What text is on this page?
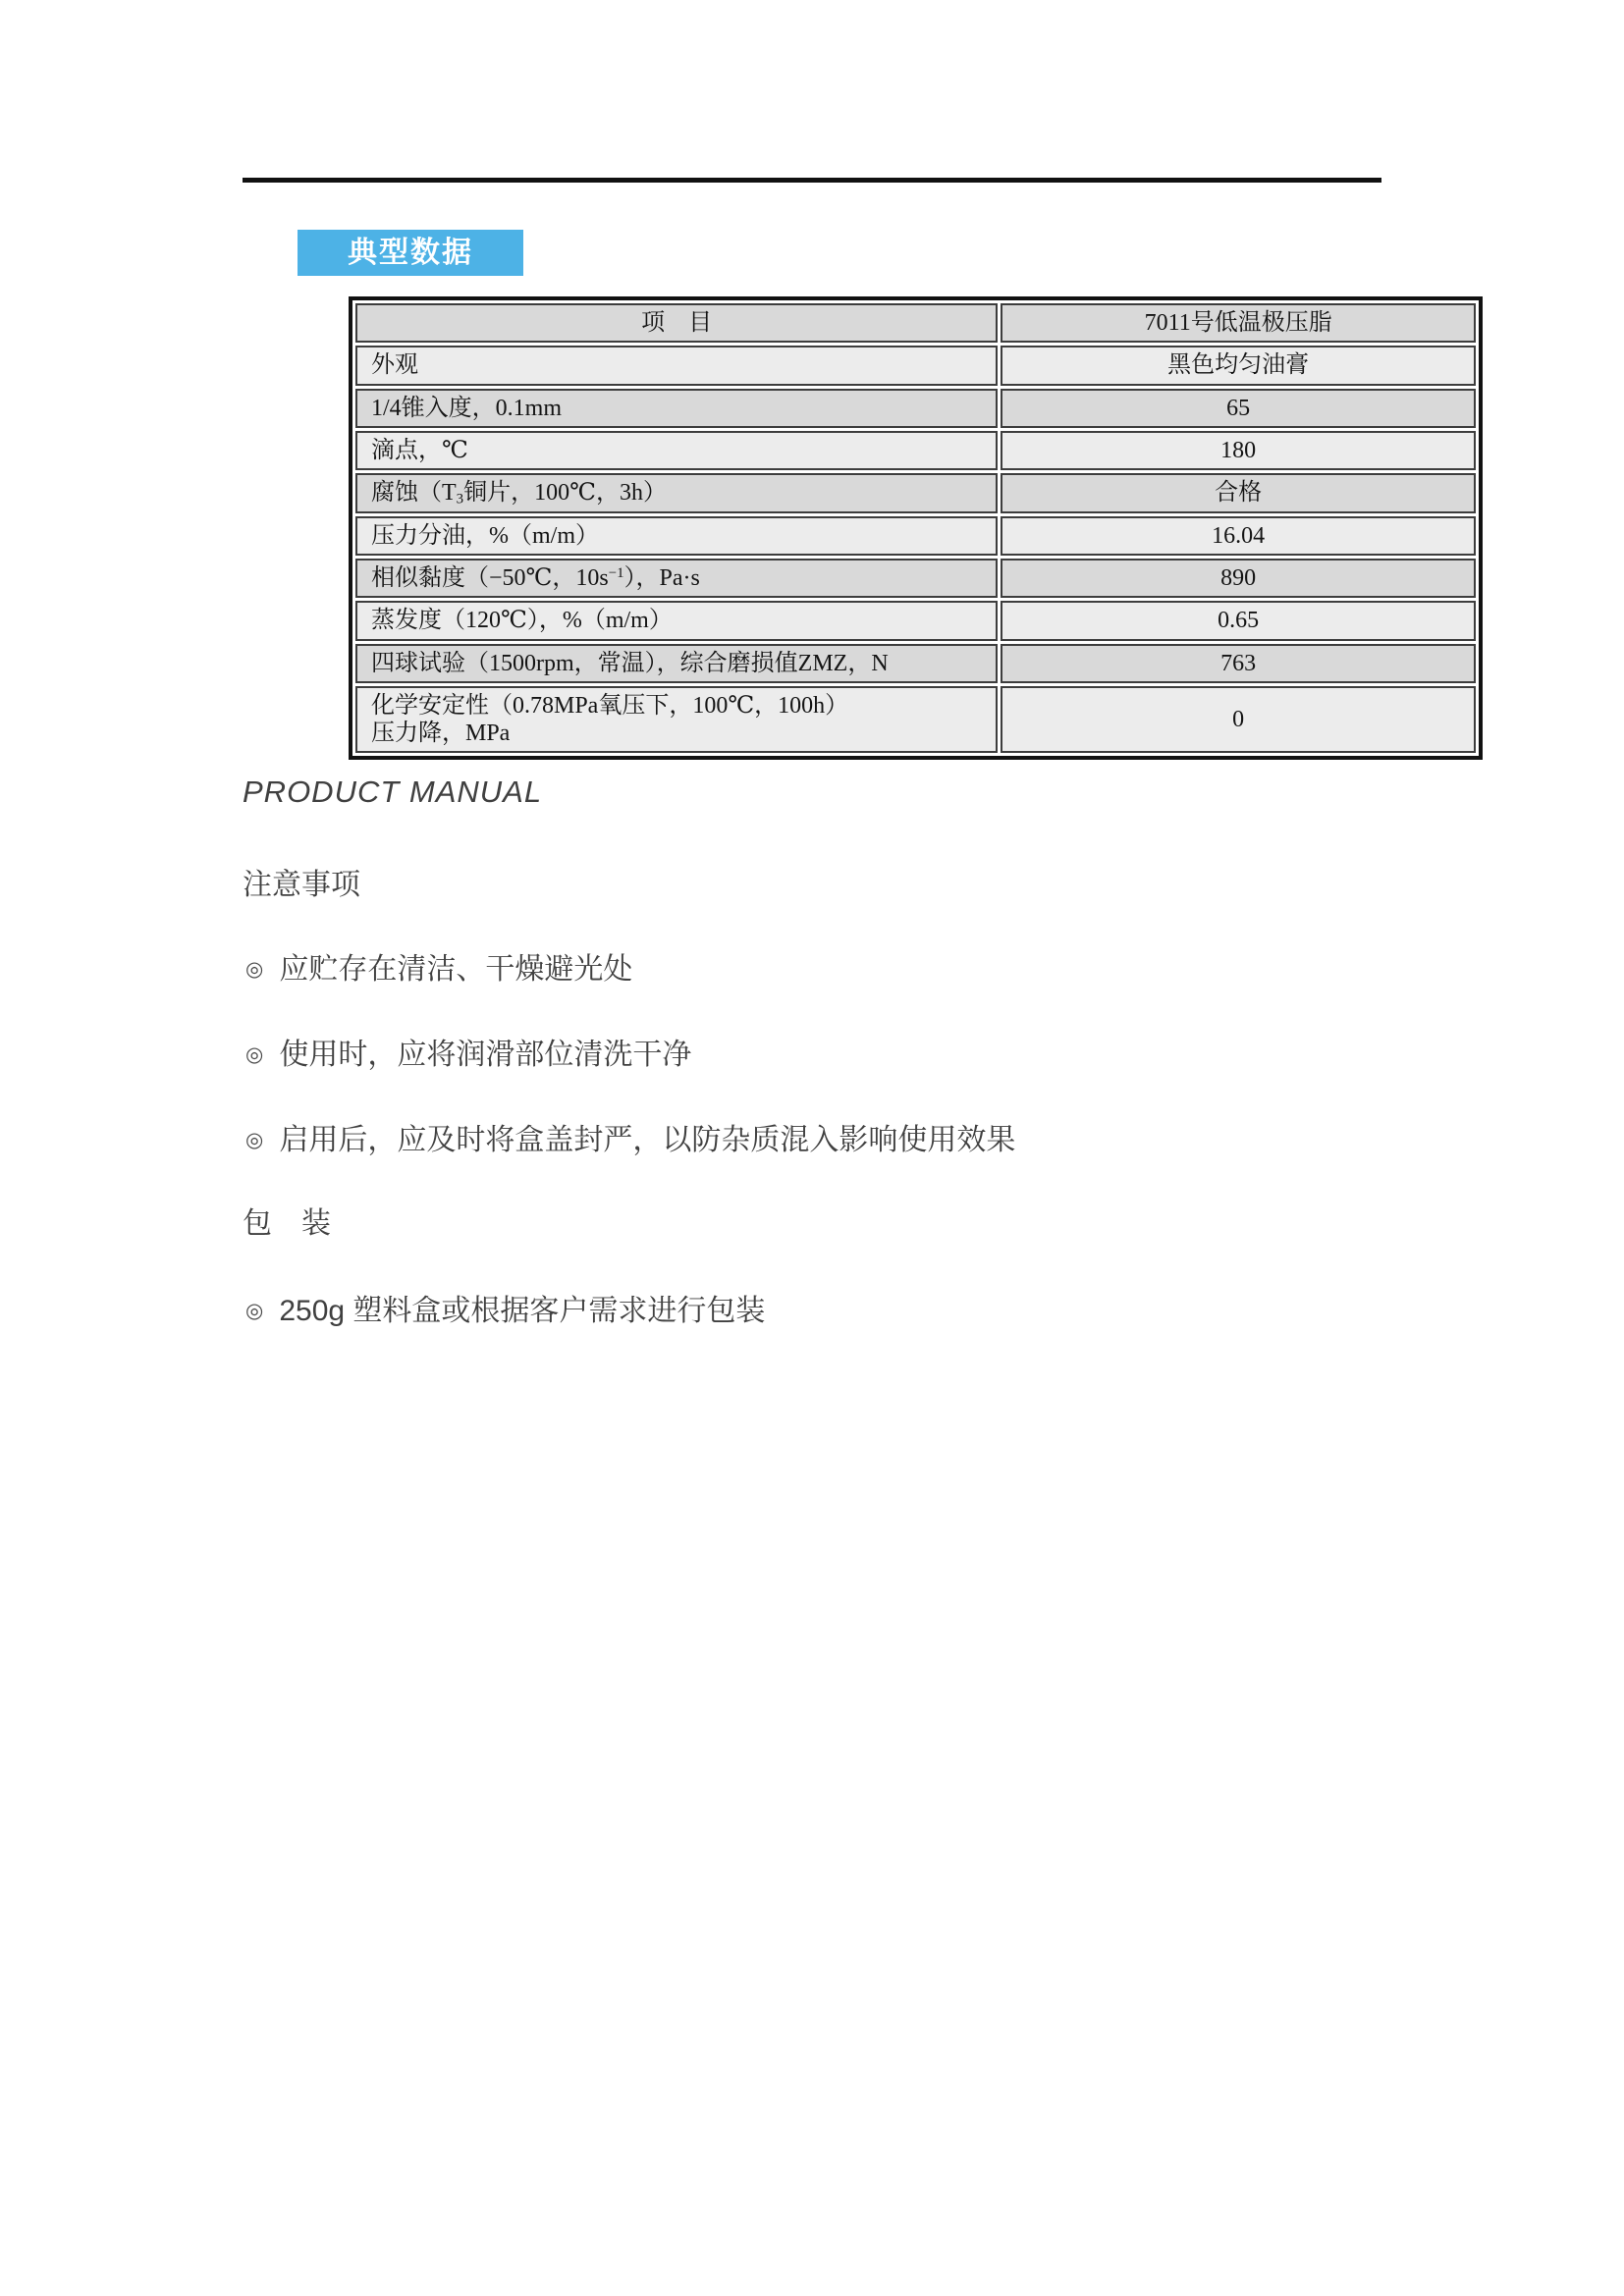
典型数据
项　目	7011号低温极压脂
外观	黑色均匀油膏
1/4锥入度，0.1mm	65
滴点，℃	180
腐蚀（$T_3$铜片，100℃，3h）	合格
压力分油，%（m/m）	16.04
相似黏度（−50℃，$10s^{-1}$），Pa·s	890
蒸发度（120℃），%（m/m）	0.65
四球试验（1500rpm，常温），综合磨损值ZMZ，N	763
化学安定性（0.78MPa氧压下，100℃，100h）
压力降，MPa	0
PRODUCT MANUAL
注意事项
◎ 应贮存在清洁、干燥避光处
◎ 使用时，应将润滑部位清洗干净
◎ 启用后，应及时将盒盖封严，以防杂质混入影响使用效果
包　装
◎ 250g 塑料盒或根据客户需求进行包装
